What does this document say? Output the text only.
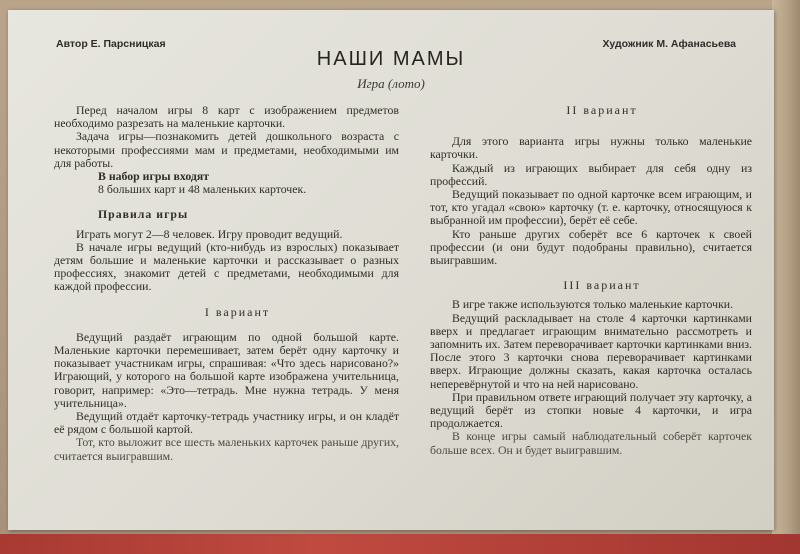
Автор Е. Парсницкая	Художник М. Афанасьева
НАШИ МАМЫ
Игра (лото)

Перед началом игры 8 карт с изображением предметов необходимо разрезать на маленькие карточки.

Задача игры—познакомить детей дошкольного возраста с некоторыми профессиями мам и предметами, необходимыми им для работы.

В набор игры входят

8 больших карт и 48 маленьких карточек.

Правила игры

Играть могут 2—8 человек. Игру проводит ведущий.

В начале игры ведущий (кто-нибудь из взрослых) показывает детям большие и маленькие карточки и рассказывает о разных профессиях, знакомит детей с предметами, необходимыми для каждой профессии.

I вариант

Ведущий раздаёт играющим по одной большой карте. Маленькие карточки перемешивает, затем берёт одну карточку и показывает участникам игры, спрашивая: «Что здесь нарисовано?» Играющий, у которого на большой карте изображена учительница, говорит, например: «Это—тетрадь. Мне нужна тетрадь. У меня учительница».

Ведущий отдаёт карточку-тетрадь участнику игры, и он кладёт её рядом с большой картой.

Тот, кто выложит все шесть маленьких карточек раньше других, считается выигравшим.

II вариант

Для этого варианта игры нужны только маленькие карточки.

Каждый из играющих выбирает для себя одну из профессий.

Ведущий показывает по одной карточке всем играющим, и тот, кто угадал «свою» карточку (т. е. карточку, относящуюся к выбранной им профессии), берёт её себе.

Кто раньше других соберёт все 6 карточек к своей профессии (и они будут подобраны правильно), считается выигравшим.

III вариант

В игре также используются только маленькие карточки.

Ведущий раскладывает на столе 4 карточки картинками вверх и предлагает играющим внимательно рассмотреть и запомнить их. Затем переворачивает карточки картинками вниз. После этого 3 карточки снова переворачивает картинками вверх. Играющие должны сказать, какая карточка осталась неперевёрнутой и что на ней нарисовано.

При правильном ответе играющий получает эту карточку, а ведущий берёт из стопки новые 4 карточки, и игра продолжается.

В конце игры самый наблюдательный соберёт карточек больше всех. Он и будет выигравшим.
